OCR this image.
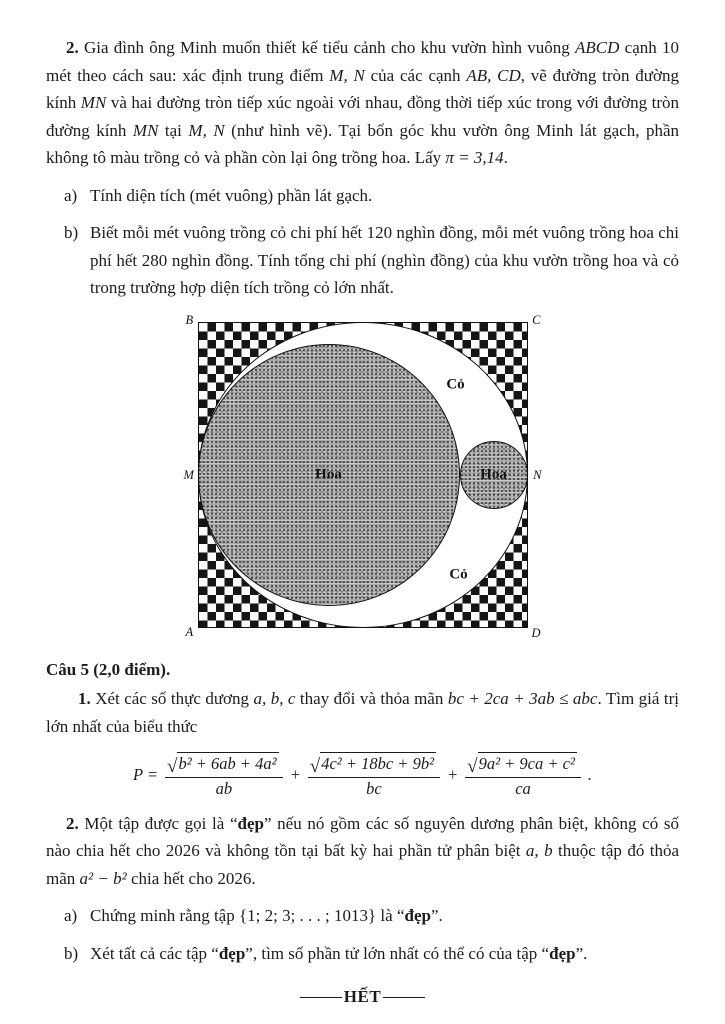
2. Gia đình ông Minh muốn thiết kế tiểu cảnh cho khu vườn hình vuông ABCD cạnh 10 mét theo cách sau: xác định trung điểm M, N của các cạnh AB, CD, vẽ đường tròn đường kính MN và hai đường tròn tiếp xúc ngoài với nhau, đồng thời tiếp xúc trong với đường tròn đường kính MN tại M, N (như hình vẽ). Tại bốn góc khu vườn ông Minh lát gạch, phần không tô màu trồng cỏ và phần còn lại ông trồng hoa. Lấy π = 3,14.

a) Tính diện tích (mét vuông) phần lát gạch.
b) Biết mỗi mét vuông trồng cỏ chi phí hết 120 nghìn đồng, mỗi mét vuông trồng hoa chi phí hết 280 nghìn đồng. Tính tổng chi phí (nghìn đồng) của khu vườn trồng hoa và cỏ trong trường hợp diện tích trồng cỏ lớn nhất.
B	C
A	D
M	N
Cỏ
Cỏ
Hoa	Hoa

Câu 5 (2,0 điểm).

1. Xét các số thực dương a, b, c thay đổi và thỏa mãn bc + 2ca + 3ab ≤ abc. Tìm giá trị lớn nhất của biểu thức

$P = \frac{\text{√ b² + 6ab + 4a²}}{ab} + \frac{\text{√ 4c² + 18bc + 9b²}}{bc} + \frac{\text{√ 9a² + 9ca + c²}}{ca}$ .

2. Một tập được gọi là “đẹp” nếu nó gồm các số nguyên dương phân biệt, không có số nào chia hết cho 2026 và không tồn tại bất kỳ hai phần tử phân biệt a, b thuộc tập đó thỏa mãn a² − b² chia hết cho 2026.

a) Chứng minh rằng tập {1; 2; 3; . . . ; 1013} là “đẹp”.
b) Xét tất cả các tập “đẹp”, tìm số phần tử lớn nhất có thể có của tập “đẹp”.
HẾT
